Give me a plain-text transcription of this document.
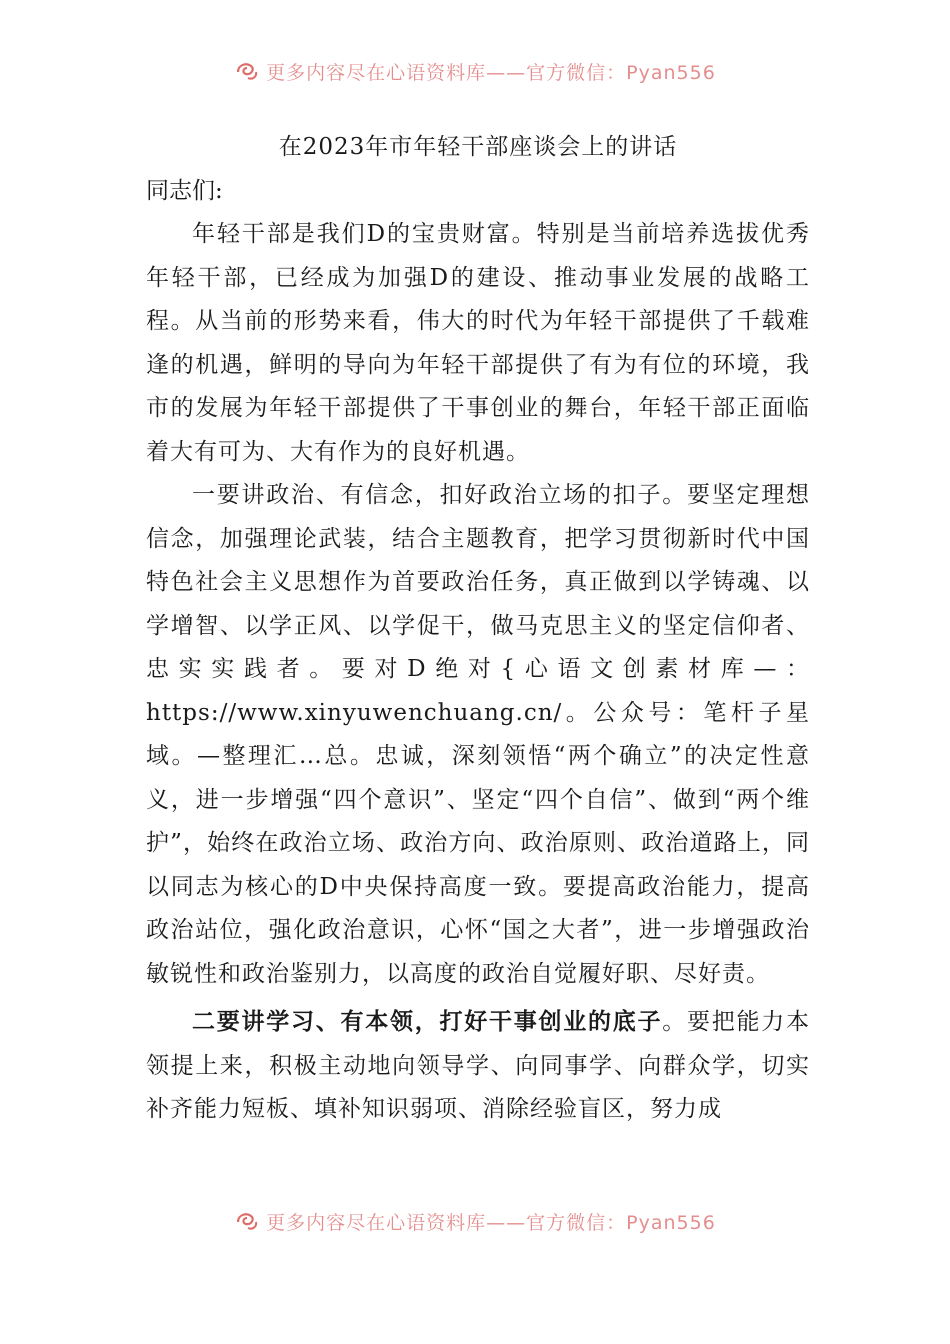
更多内容尽在心语资料库——官方微信：Pyan556
在2023年市年轻干部座谈会上的讲话

同志们:

年轻干部是我们D的宝贵财富。特别是当前培养选拔优秀年轻干部，已经成为加强D的建设、推动事业发展的战略工程。从当前的形势来看，伟大的时代为年轻干部提供了千载难逢的机遇，鲜明的导向为年轻干部提供了有为有位的环境，我市的发展为年轻干部提供了干事创业的舞台，年轻干部正面临着大有可为、大有作为的良好机遇。

一要讲政治、有信念，扣好政治立场的扣子。要坚定理想信念，加强理论武装，结合主题教育，把学习贯彻新时代中国特色社会主义思想作为首要政治任务，真正做到以学铸魂、以学增智、以学正风、以学促干，做马克思主义的坚定信仰者、忠实实践者。要对D绝对{心语文创素材库—：https://www.xinyuwenchuang.cn/。公众号：笔杆子星域。—整理汇…总。忠诚，深刻领悟“两个确立”的决定性意义，进一步增强“四个意识”、坚定“四个自信”、做到“两个维护”，始终在政治立场、政治方向、政治原则、政治道路上，同以同志为核心的D中央保持高度一致。要提高政治能力，提高政治站位，强化政治意识，心怀“国之大者”，进一步增强政治敏锐性和政治鉴别力，以高度的政治自觉履好职、尽好责。

二要讲学习、有本领，打好干事创业的底子。要把能力本领提上来，积极主动地向领导学、向同事学、向群众学，切实补齐能力短板、填补知识弱项、消除经验盲区，努力成

更多内容尽在心语资料库——官方微信：Pyan556
